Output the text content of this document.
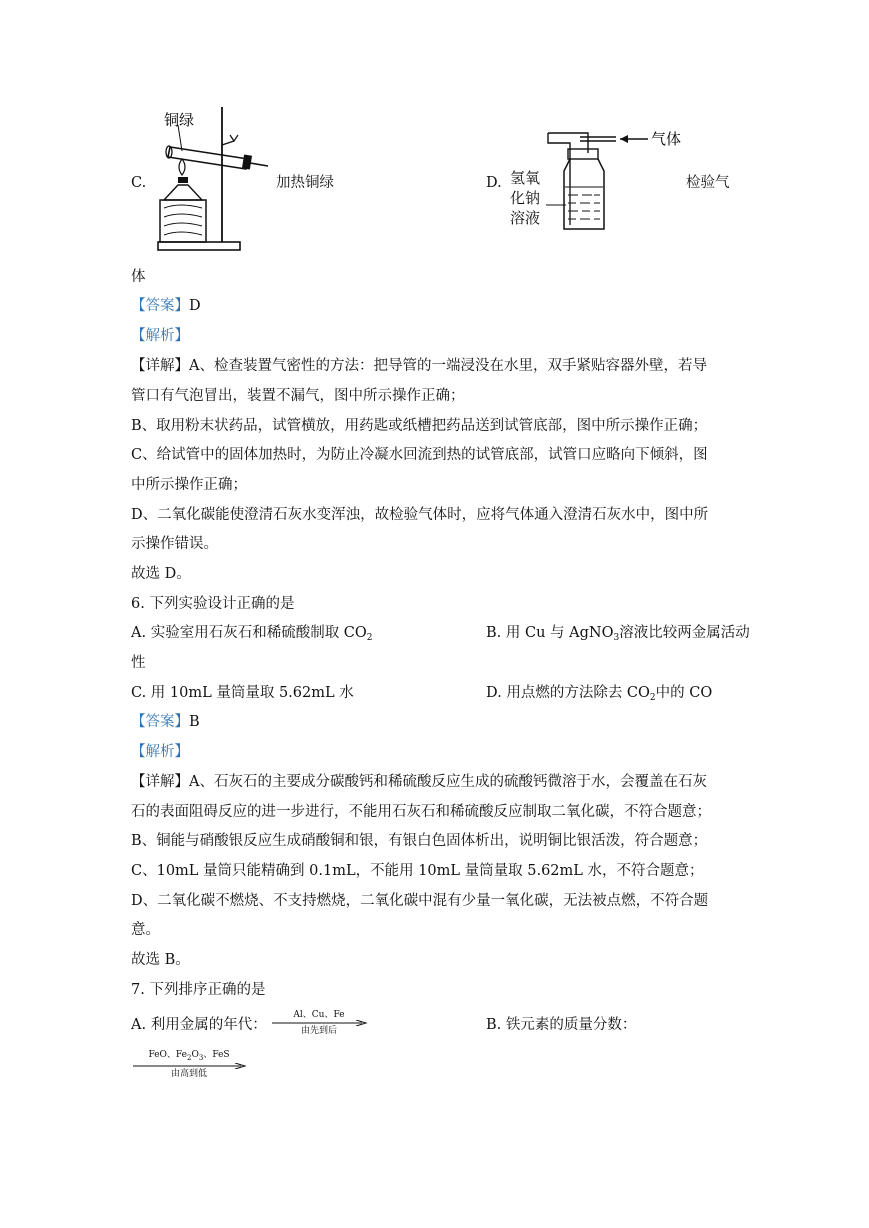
C.
铜绿
加热铜绿	D.
气体
氢氧
化钠
溶液
检验气
体
【答案】D
【解析】
【详解】A、检查装置气密性的方法：把导管的一端浸没在水里，双手紧贴容器外壁，若导
管口有气泡冒出，装置不漏气，图中所示操作正确；
B、取用粉末状药品，试管横放，用药匙或纸槽把药品送到试管底部，图中所示操作正确；
C、给试管中的固体加热时，为防止冷凝水回流到热的试管底部，试管口应略向下倾斜，图
中所示操作正确；
D、二氧化碳能使澄清石灰水变浑浊，故检验气体时，应将气体通入澄清石灰水中，图中所
示操作错误。
故选 D。
6. 下列实验设计正确的是
A. 实验室用石灰石和稀硫酸制取 $CO_2$	B. 用 Cu 与 AgNO$_3$溶液比较两金属活动
性
C. 用 10mL 量筒量取 5.62mL 水	D. 用点燃的方法除去 $CO_2$中的 CO
【答案】B
【解析】
【详解】A、石灰石的主要成分碳酸钙和稀硫酸反应生成的硫酸钙微溶于水，会覆盖在石灰
石的表面阻碍反应的进一步进行，不能用石灰石和稀硫酸反应制取二氧化碳，不符合题意；
B、铜能与硝酸银反应生成硝酸铜和银，有银白色固体析出，说明铜比银活泼，符合题意；
C、10mL 量筒只能精确到 0.1mL，不能用 10mL 量筒量取 5.62mL 水，不符合题意；
D、二氧化碳不燃烧、不支持燃烧，二氧化碳中混有少量一氧化碳，无法被点燃，不符合题
意。
故选 B。
7. 下列排序正确的是
A. 利用金属的年代：
Al、Cu、Fe
由先到后	B. 铁元素的质量分数：
FeO、$Fe_2O_3$、FeS
由高到低
